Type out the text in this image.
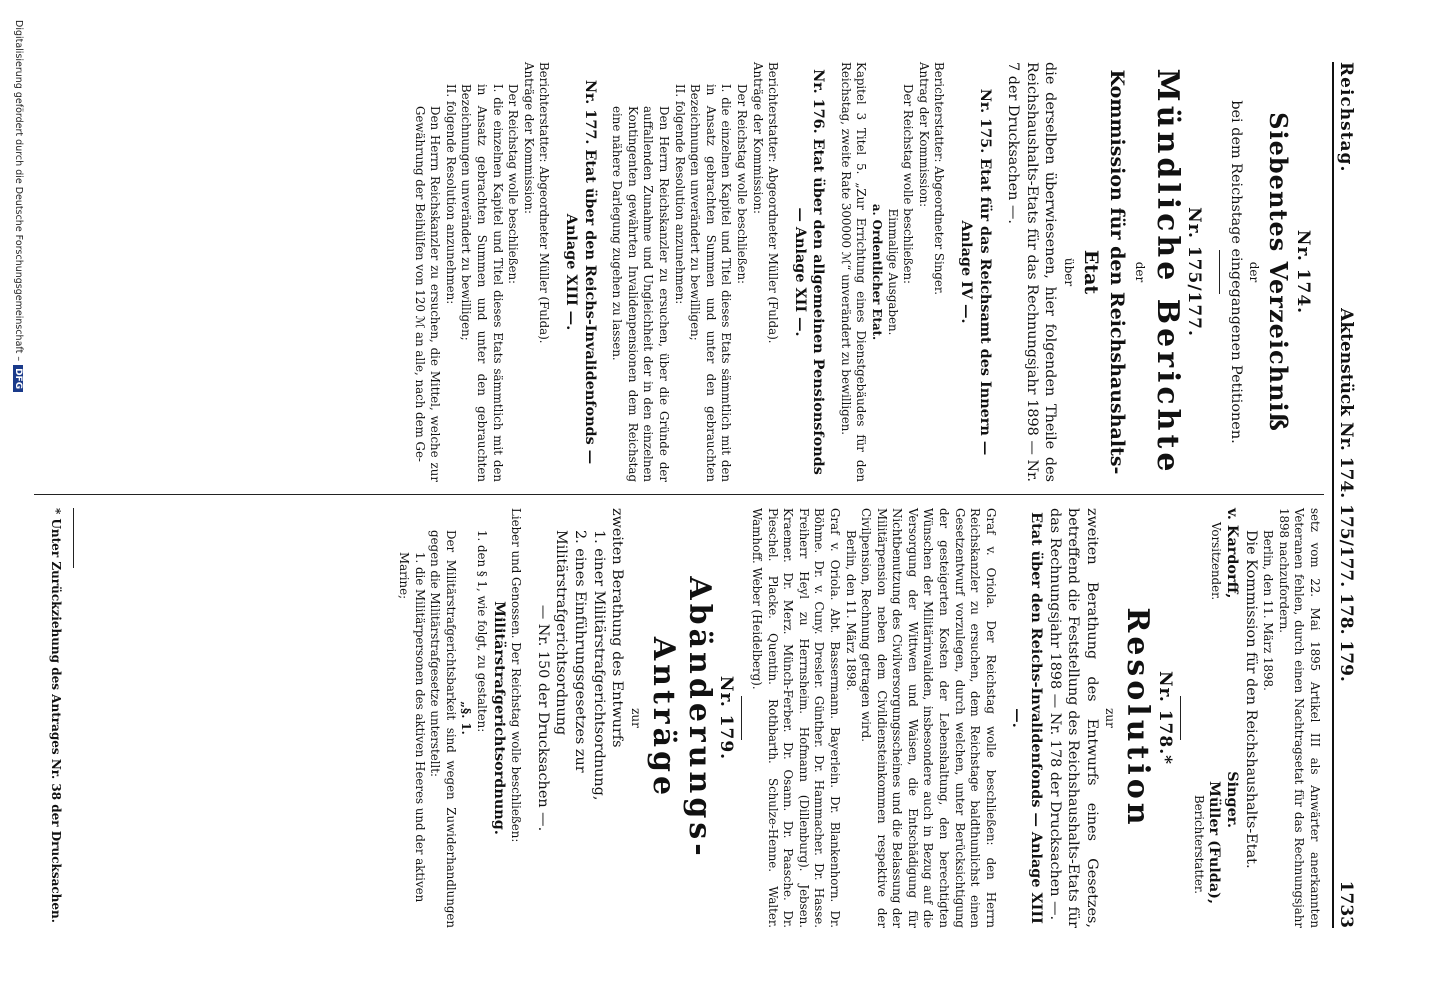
Reichstag.
Aktenstück Nr. 174. 175/177. 178. 179.
1733
Nr. 174.
Siebentes Verzeichniß
der
bei dem Reichstage eingegangenen Petitionen.
Nr. 175/177.
Mündliche Berichte
der
Kommission für den Reichshaushalts-Etat
über
die derselben überwiesenen, hier folgenden Theile des Reichshaushalts-Etats für das Rechnungsjahr 1898 — Nr. 7 der Drucksachen —.
Nr. 175. Etat für das Reichsamt des Innern — Anlage IV —.
Berichterstatter: Abgeordneter Singer.
Antrag der Kommission:
Der Reichstag wolle beschließen:
Einmalige Ausgaben.
a. Ordentlicher Etat.
Kapitel 3 Titel 5. „Zur Errichtung eines Dienstgebäudes für den Reichstag, zweite Rate 300000 ℳ“ unverändert zu bewilligen.
Nr. 176. Etat über den allgemeinen Pensionsfonds — Anlage XII —.
Berichterstatter: Abgeordneter Müller (Fulda).
Anträge der Kommission:
Der Reichstag wolle beschließen:
I. die einzelnen Kapitel und Titel dieses Etats sämmtlich mit den in Ansatz gebrachten Summen und unter den gebrauchten Bezeichnungen unverändert zu bewilligen;
II. folgende Resolution anzunehmen:
Den Herrn Reichskanzler zu ersuchen, über die Gründe der auffallenden Zunahme und Ungleichheit der in den einzelnen Kontingenten gewährten Invalidenpensionen dem Reichstag eine nähere Darlegung zugehen zu lassen.
Nr. 177. Etat über den Reichs-Invalidenfonds — Anlage XIII —.
Berichterstatter: Abgeordneter Müller (Fulda).
Anträge der Kommission:
Der Reichstag wolle beschließen:
I. die einzelnen Kapitel und Titel dieses Etats sämmtlich mit den in Ansatz gebrachten Summen und unter den gebrauchten Bezeichnungen unverändert zu bewilligen;
II. folgende Resolution anzunehmen:
Den Herrn Reichskanzler zu ersuchen, die Mittel, welche zur Gewährung der Beihülfen von 120 ℳ an alle, nach dem Ge-
setz vom 22. Mai 1895 Artikel III als Anwärter anerkannten Veteranen fehlen, durch einen Nachtragsetat für das Rechnungsjahr 1898 nachzufordern.
Berlin, den 11. März 1898.
Die Kommission für den Reichshaushalts-Etat.
v. Kardorff,
Vorsitzender.
Singer.
Müller (Fulda),
Berichterstatter.
Nr. 178.*
Resolution
zur
zweiten Berathung des Entwurfs eines Gesetzes, betreffend die Feststellung des Reichshaushalts-Etats für das Rechnungsjahr 1898 — Nr. 178 der Drucksachen —.
Etat über den Reichs-Invalidenfonds — Anlage XIII —.
Graf v. Oriola. Der Reichstag wolle beschließen: den Herrn Reichskanzler zu ersuchen, dem Reichstage baldthunlichst einen Gesetzentwurf vorzulegen, durch welchen, unter Berücksichtigung der gesteigerten Kosten der Lebenshaltung, den berechtigten Wünschen der Militärinvaliden, insbesondere auch in Bezug auf die Versorgung der Wittwen und Waisen, die Entschädigung für Nichtbenutzung des Civilversorgungsscheines und die Belassung der Militärpension neben dem Civildiensteinkommen respektive der Civilpension, Rechnung getragen wird.
Berlin, den 11. März 1898.
Graf v. Oriola. Abt. Bassermann. Bayerlein. Dr. Blankenhorn. Dr. Böhme. Dr. v. Cuny. Dresler. Günther. Dr. Hammacher. Dr. Hasse. Freiherr Heyl zu Herrnsheim. Hofmann (Dillenburg). Jebsen. Kraemer. Dr. Merz. Münch-Ferber. Dr. Osann. Dr. Paasche. Dr. Pieschel. Placke. Quentin. Rothbarth. Schulze-Henne. Walter. Wamhoff. Weber (Heidelberg).
Nr. 179.
Abänderungs-Anträge
zur
zweiten Berathung des Entwurfs
1. einer Militärstrafgerichtsordnung,
2. eines Einführungsgesetzes zur Militärstrafgerichtsordnung
— Nr. 150 der Drucksachen —.
Lieber und Genossen. Der Reichstag wolle beschließen:
Militärstrafgerichtsordnung.
1. den § 1, wie folgt, zu gestalten:
„§. 1.
Der Militärstrafgerichtsbarkeit sind wegen Zuwiderhandlungen gegen die Militärstrafgesetze unterstellt:
1. die Militärpersonen des aktiven Heeres und der aktiven Marine;
* Unter Zurückziehung des Antrages Nr. 38 der Drucksachen.
Digitalisierung gefördert durch die Deutsche Forschungsgemeinschaft –DFG
